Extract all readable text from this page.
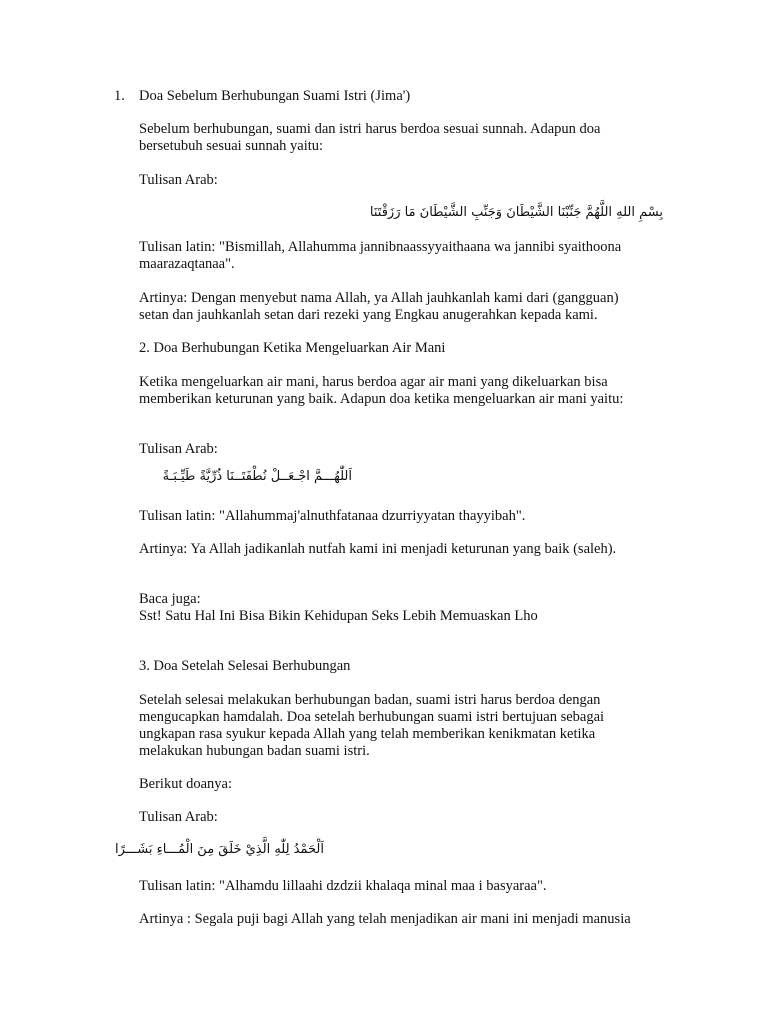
1. Doa Sebelum Berhubungan Suami Istri (Jima')
Sebelum berhubungan, suami dan istri harus berdoa sesuai sunnah. Adapun doa
bersetubuh sesuai sunnah yaitu:
Tulisan Arab:
بِسْمِ اللهِ اللَّهُمَّ جَنِّبْنَا الشَّيْطَانَ وَجَنِّبِ الشَّيْطَانَ مَا رَزَقْتَنَا
Tulisan latin: "Bismillah, Allahumma jannibnaassyyaithaana wa jannibi syaithoona
maarazaqtanaa".
Artinya: Dengan menyebut nama Allah, ya Allah jauhkanlah kami dari (gangguan)
setan dan jauhkanlah setan dari rezeki yang Engkau anugerahkan kepada kami.
2. Doa Berhubungan Ketika Mengeluarkan Air Mani
Ketika mengeluarkan air mani, harus berdoa agar air mani yang dikeluarkan bisa
memberikan keturunan yang baik. Adapun doa ketika mengeluarkan air mani yaitu:
Tulisan Arab:
اَللّٰهُـــمَّ اجْـعَــلْ نُطْفَتَــنَا ذُرِّيَّةً طَيِّـبَـةً
Tulisan latin: "Allahummaj'alnuthfatanaa dzurriyyatan thayyibah".
Artinya: Ya Allah jadikanlah nutfah kami ini menjadi keturunan yang baik (saleh).
Baca juga:
Sst! Satu Hal Ini Bisa Bikin Kehidupan Seks Lebih Memuaskan Lho
3. Doa Setelah Selesai Berhubungan
Setelah selesai melakukan berhubungan badan, suami istri harus berdoa dengan
mengucapkan hamdalah. Doa setelah berhubungan suami istri bertujuan sebagai
ungkapan rasa syukur kepada Allah yang telah memberikan kenikmatan ketika
melakukan hubungan badan suami istri.
Berikut doanya:
Tulisan Arab:
اَلْحَمْدُ لِلّٰهِ الَّذِيْ خَلَقَ مِنَ الْمُـــاءِ بَشَـــرًا
Tulisan latin: "Alhamdu lillaahi dzdzii khalaqa minal maa i basyaraa".
Artinya : Segala puji bagi Allah yang telah menjadikan air mani ini menjadi manusia
